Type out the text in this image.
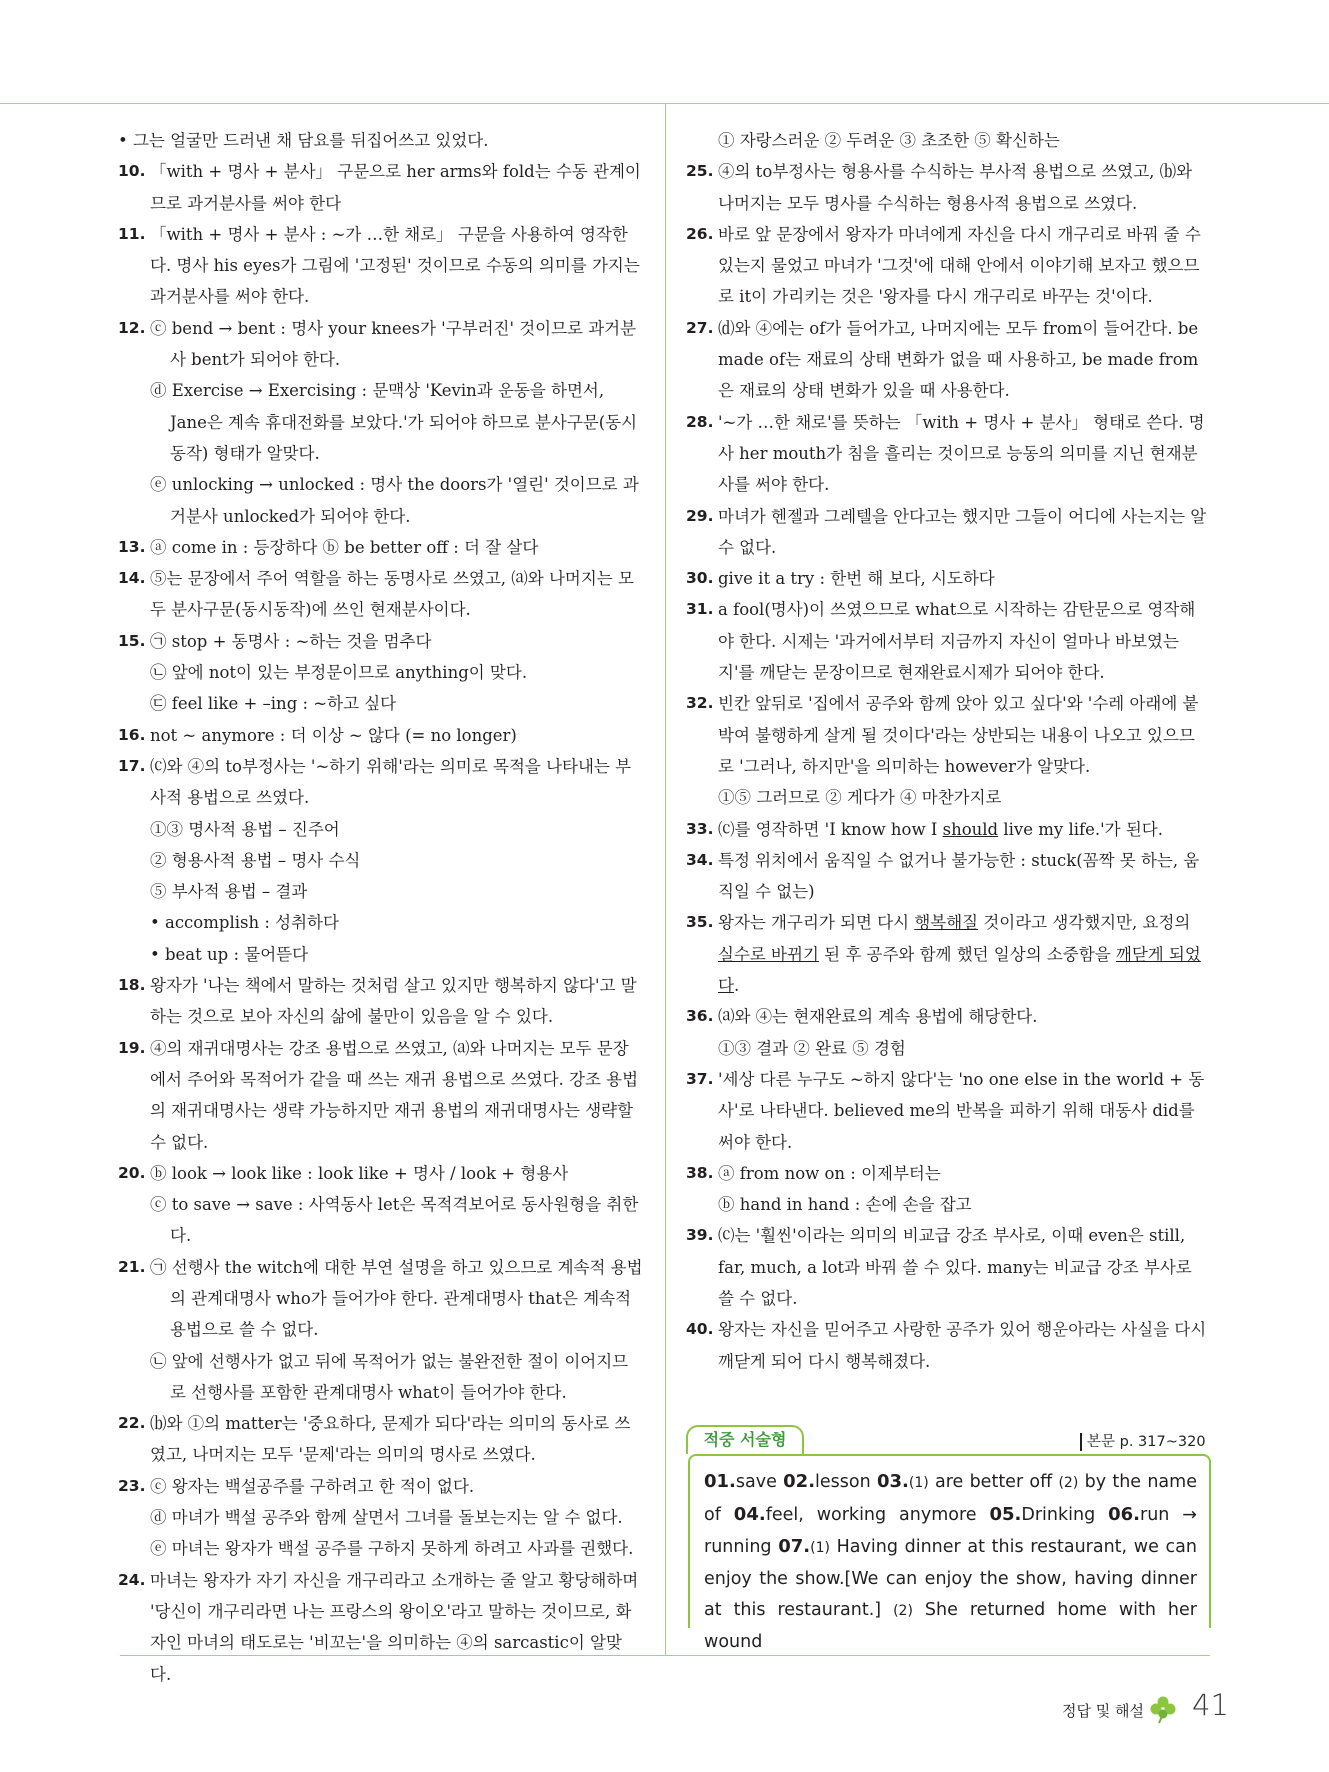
• 그는 얼굴만 드러낸 채 담요를 뒤집어쓰고 있었다.
10. 「with + 명사 + 분사」 구문으로 her arms와 fold는 수동 관계이므로 과거분사를 써야 한다
11. 「with + 명사 + 분사 : ~가 …한 채로」 구문을 사용하여 영작한다. 명사 his eyes가 그림에 '고정된' 것이므로 수동의 의미를 가지는 과거분사를 써야 한다.
12. ⓒ bend → bent : 명사 your knees가 '구부러진' 것이므로 과거분사 bent가 되어야 한다.
ⓓ Exercise → Exercising : 문맥상 'Kevin과 운동을 하면서, Jane은 계속 휴대전화를 보았다.'가 되어야 하므로 분사구문(동시동작) 형태가 알맞다.
ⓔ unlocking → unlocked : 명사 the doors가 '열린' 것이므로 과거분사 unlocked가 되어야 한다.
13. ⓐ come in : 등장하다 ⓑ be better off : 더 잘 살다
14. ⑤는 문장에서 주어 역할을 하는 동명사로 쓰였고, ⒜와 나머지는 모두 분사구문(동시동작)에 쓰인 현재분사이다.
15. ㉠ stop + 동명사 : ~하는 것을 멈추다
㉡ 앞에 not이 있는 부정문이므로 anything이 맞다.
㉢ feel like + –ing : ~하고 싶다
16. not ~ anymore : 더 이상 ~ 않다 (= no longer)
17. ⒞와 ④의 to부정사는 '~하기 위해'라는 의미로 목적을 나타내는 부사적 용법으로 쓰였다.
①③ 명사적 용법 – 진주어
② 형용사적 용법 – 명사 수식
⑤ 부사적 용법 – 결과
• accomplish : 성취하다
• beat up : 물어뜯다
18. 왕자가 '나는 책에서 말하는 것처럼 살고 있지만 행복하지 않다'고 말하는 것으로 보아 자신의 삶에 불만이 있음을 알 수 있다.
19. ④의 재귀대명사는 강조 용법으로 쓰였고, ⒜와 나머지는 모두 문장에서 주어와 목적어가 같을 때 쓰는 재귀 용법으로 쓰였다. 강조 용법의 재귀대명사는 생략 가능하지만 재귀 용법의 재귀대명사는 생략할 수 없다.
20. ⓑ look → look like : look like + 명사 / look + 형용사
ⓒ to save → save : 사역동사 let은 목적격보어로 동사원형을 취한다.
21. ㉠ 선행사 the witch에 대한 부연 설명을 하고 있으므로 계속적 용법의 관계대명사 who가 들어가야 한다. 관계대명사 that은 계속적 용법으로 쓸 수 없다.
㉡ 앞에 선행사가 없고 뒤에 목적어가 없는 불완전한 절이 이어지므로 선행사를 포함한 관계대명사 what이 들어가야 한다.
22. ⒝와 ①의 matter는 '중요하다, 문제가 되다'라는 의미의 동사로 쓰였고, 나머지는 모두 '문제'라는 의미의 명사로 쓰였다.
23. ⓒ 왕자는 백설공주를 구하려고 한 적이 없다.
ⓓ 마녀가 백설 공주와 함께 살면서 그녀를 돌보는지는 알 수 없다.
ⓔ 마녀는 왕자가 백설 공주를 구하지 못하게 하려고 사과를 권했다.
24. 마녀는 왕자가 자기 자신을 개구리라고 소개하는 줄 알고 황당해하며 '당신이 개구리라면 나는 프랑스의 왕이오'라고 말하는 것이므로, 화자인 마녀의 태도로는 '비꼬는'을 의미하는 ④의 sarcastic이 알맞다.
① 자랑스러운 ② 두려운 ③ 초조한 ⑤ 확신하는
25. ④의 to부정사는 형용사를 수식하는 부사적 용법으로 쓰였고, ⒝와 나머지는 모두 명사를 수식하는 형용사적 용법으로 쓰였다.
26. 바로 앞 문장에서 왕자가 마녀에게 자신을 다시 개구리로 바꿔 줄 수 있는지 물었고 마녀가 '그것'에 대해 안에서 이야기해 보자고 했으므로 it이 가리키는 것은 '왕자를 다시 개구리로 바꾸는 것'이다.
27. ⒟와 ④에는 of가 들어가고, 나머지에는 모두 from이 들어간다. be made of는 재료의 상태 변화가 없을 때 사용하고, be made from은 재료의 상태 변화가 있을 때 사용한다.
28. '~가 …한 채로'를 뜻하는 「with + 명사 + 분사」 형태로 쓴다. 명사 her mouth가 침을 흘리는 것이므로 능동의 의미를 지닌 현재분사를 써야 한다.
29. 마녀가 헨젤과 그레텔을 안다고는 했지만 그들이 어디에 사는지는 알 수 없다.
30. give it a try : 한번 해 보다, 시도하다
31. a fool(명사)이 쓰였으므로 what으로 시작하는 감탄문으로 영작해야 한다. 시제는 '과거에서부터 지금까지 자신이 얼마나 바보였는지'를 깨닫는 문장이므로 현재완료시제가 되어야 한다.
32. 빈칸 앞뒤로 '집에서 공주와 함께 앉아 있고 싶다'와 '수레 아래에 붙박여 불행하게 살게 될 것이다'라는 상반되는 내용이 나오고 있으므로 '그러나, 하지만'을 의미하는 however가 알맞다.
①⑤ 그러므로 ② 게다가 ④ 마찬가지로
33. ⒞를 영작하면 'I know how I should live my life.'가 된다.
34. 특정 위치에서 움직일 수 없거나 불가능한 : stuck(꼼짝 못 하는, 움직일 수 없는)
35. 왕자는 개구리가 되면 다시 행복해질 것이라고 생각했지만, 요정의 실수로 바뀌기 된 후 공주와 함께 했던 일상의 소중함을 깨닫게 되었다.
36. ⒜와 ④는 현재완료의 계속 용법에 해당한다.
①③ 결과 ② 완료 ⑤ 경험
37. '세상 다른 누구도 ~하지 않다'는 'no one else in the world + 동사'로 나타낸다. believed me의 반복을 피하기 위해 대동사 did를 써야 한다.
38. ⓐ from now on : 이제부터는
ⓑ hand in hand : 손에 손을 잡고
39. ⒞는 '훨씬'이라는 의미의 비교급 강조 부사로, 이때 even은 still, far, much, a lot과 바꿔 쓸 수 있다. many는 비교급 강조 부사로 쓸 수 없다.
40. 왕자는 자신을 믿어주고 사랑한 공주가 있어 행운아라는 사실을 다시 깨닫게 되어 다시 행복해졌다.
적중 서술형	본문 p. 317~320
01.save 02.lesson 03.(1) are better off (2) by the name of 04.feel, working anymore 05.Drinking 06.run → running 07.(1) Having dinner at this restaurant, we can enjoy the show.[We can enjoy the show, having dinner at this restaurant.] (2) She returned home with her wound
정답 및 해설 41
